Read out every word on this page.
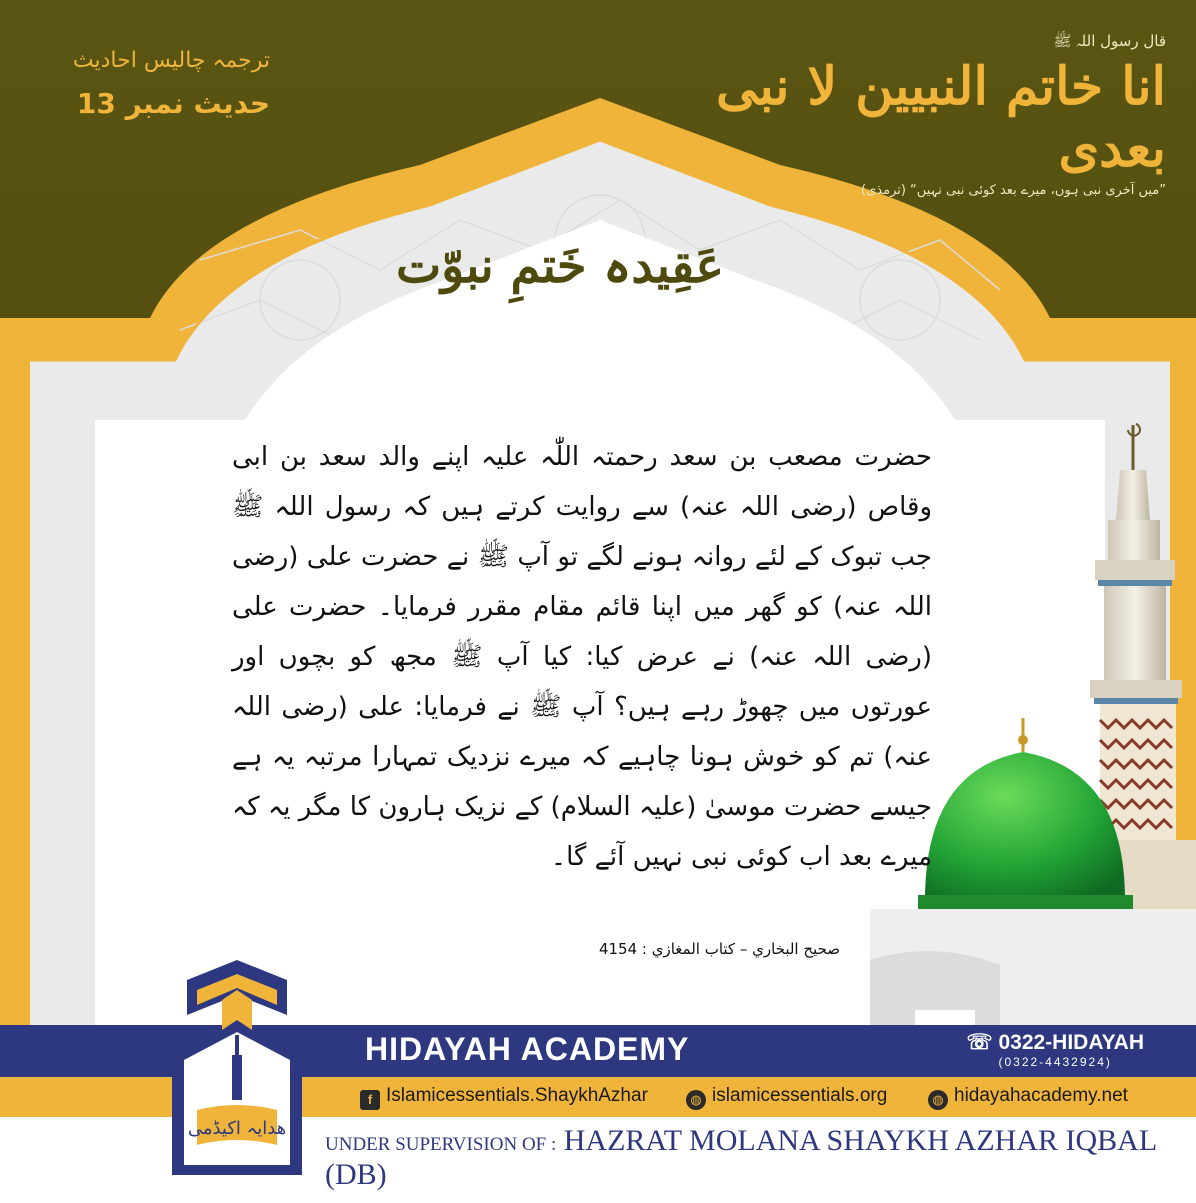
ترجمہ چالیس احادیث
حدیث نمبر 13
قال رسول اللہ ﷺ
انا خاتم النبیین لا نبی بعدی
”میں آخری نبی ہوں، میرے بعد کوئی نبی نہیں“ (ترمذی)
عَقِیدہ خَتمِ نبوّت
حضرت مصعب بن سعد رحمتہ اللّٰہ علیہ اپنے والد سعد بن ابی وقاص (رضی اللہ عنہ) سے روایت کرتے ہیں کہ رسول اللہ ﷺ جب تبوک کے لئے روانہ ہونے لگے تو آپ ﷺ نے حضرت علی (رضی اللہ عنہ) کو گھر میں اپنا قائم مقام مقرر فرمایا۔ حضرت علی (رضی اللہ عنہ) نے عرض کیا: کیا آپ ﷺ مجھ کو بچوں اور عورتوں میں چھوڑ رہے ہیں؟ آپ ﷺ نے فرمایا: علی (رضی اللہ عنہ) تم کو خوش ہونا چاہیے کہ میرے نزدیک تمہارا مرتبہ یہ ہے جیسے حضرت موسیٰ (علیہ السلام) کے نزیک ہارون کا مگر یہ کہ میرے بعد اب کوئی نبی نہیں آئے گا۔
صحيح البخاري – كتاب المغازي : 4154
HIDAYAH ACADEMY	☏ 0322-HIDAYAH
(0322-4432924)
f Islamicessentials.ShaykhAzhar	◍ islamicessentials.org	◍ hidayahacademy.net
UNDER SUPERVISION OF : HAZRAT MOLANA SHAYKH AZHAR IQBAL (DB)
ھدایہ اکیڈمی
